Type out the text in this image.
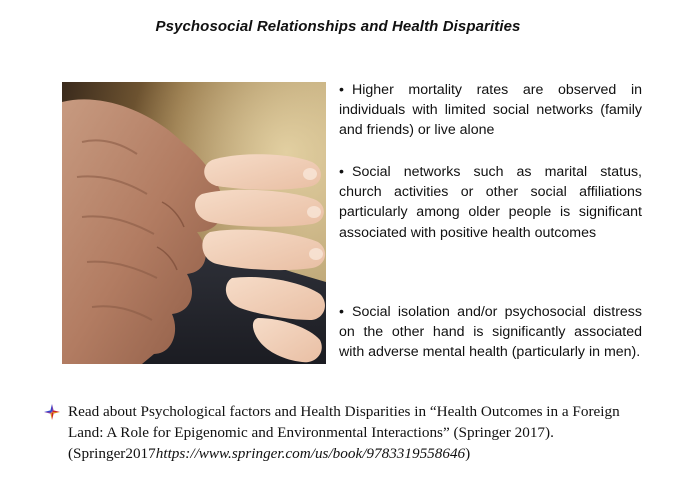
Psychosocial Relationships and Health Disparities

• Higher mortality rates are observed in individuals with limited social networks (family and friends) or live alone

• Social networks such as marital status, church activities or other social affiliations particularly among older people is significant associated with positive health outcomes

• Social isolation and/or psychosocial distress on the other hand is significantly associated with adverse mental health (particularly in men).

Read about Psychological factors and Health Disparities in “Health Outcomes in a Foreign Land: A Role for Epigenomic and Environmental Interactions” (Springer 2017). (Springer2017https://www.springer.com/us/book/9783319558646)
